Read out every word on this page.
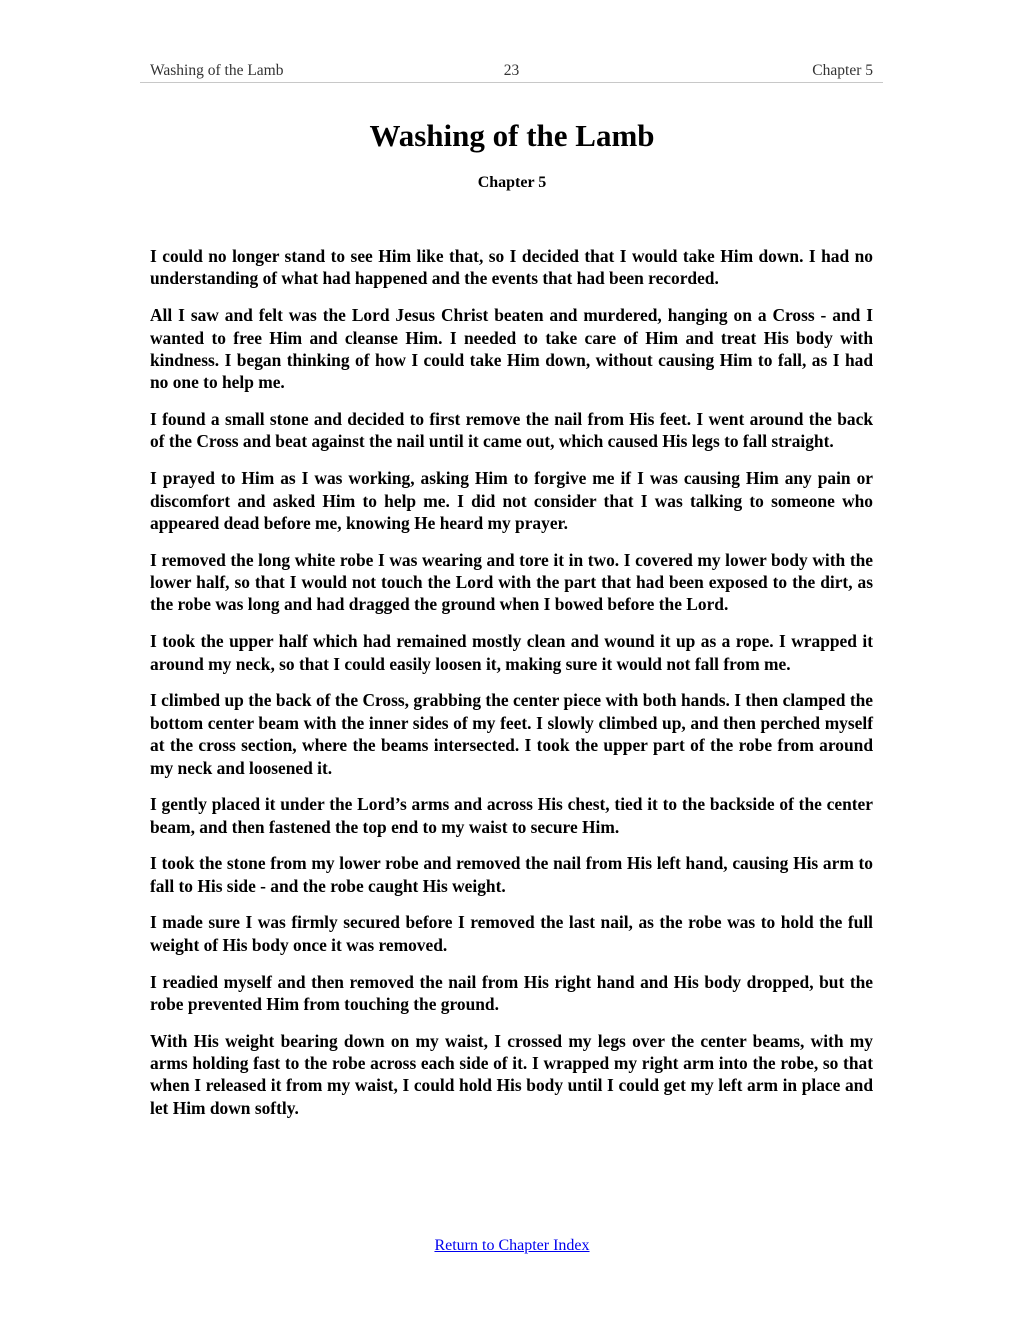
Washing of the Lamb	23	Chapter 5
Washing of the Lamb
Chapter 5

I could no longer stand to see Him like that, so I decided that I would take Him down. I had no understanding of what had happened and the events that had been recorded.

All I saw and felt was the Lord Jesus Christ beaten and murdered, hanging on a Cross - and I wanted to free Him and cleanse Him. I needed to take care of Him and treat His body with kindness. I began thinking of how I could take Him down, without causing Him to fall, as I had no one to help me.

I found a small stone and decided to first remove the nail from His feet. I went around the back of the Cross and beat against the nail until it came out, which caused His legs to fall straight.

I prayed to Him as I was working, asking Him to forgive me if I was causing Him any pain or discomfort and asked Him to help me. I did not consider that I was talking to someone who appeared dead before me, knowing He heard my prayer.

I removed the long white robe I was wearing and tore it in two. I covered my lower body with the lower half, so that I would not touch the Lord with the part that had been exposed to the dirt, as the robe was long and had dragged the ground when I bowed before the Lord.

I took the upper half which had remained mostly clean and wound it up as a rope. I wrapped it around my neck, so that I could easily loosen it, making sure it would not fall from me.

I climbed up the back of the Cross, grabbing the center piece with both hands. I then clamped the bottom center beam with the inner sides of my feet. I slowly climbed up, and then perched myself at the cross section, where the beams intersected. I took the upper part of the robe from around my neck and loosened it.

I gently placed it under the Lord’s arms and across His chest, tied it to the backside of the center beam, and then fastened the top end to my waist to secure Him.

I took the stone from my lower robe and removed the nail from His left hand, causing His arm to fall to His side - and the robe caught His weight.

I made sure I was firmly secured before I removed the last nail, as the robe was to hold the full weight of His body once it was removed.

I readied myself and then removed the nail from His right hand and His body dropped, but the robe prevented Him from touching the ground.

With His weight bearing down on my waist, I crossed my legs over the center beams, with my arms holding fast to the robe across each side of it. I wrapped my right arm into the robe, so that when I released it from my waist, I could hold His body until I could get my left arm in place and let Him down softly.

Return to Chapter Index
